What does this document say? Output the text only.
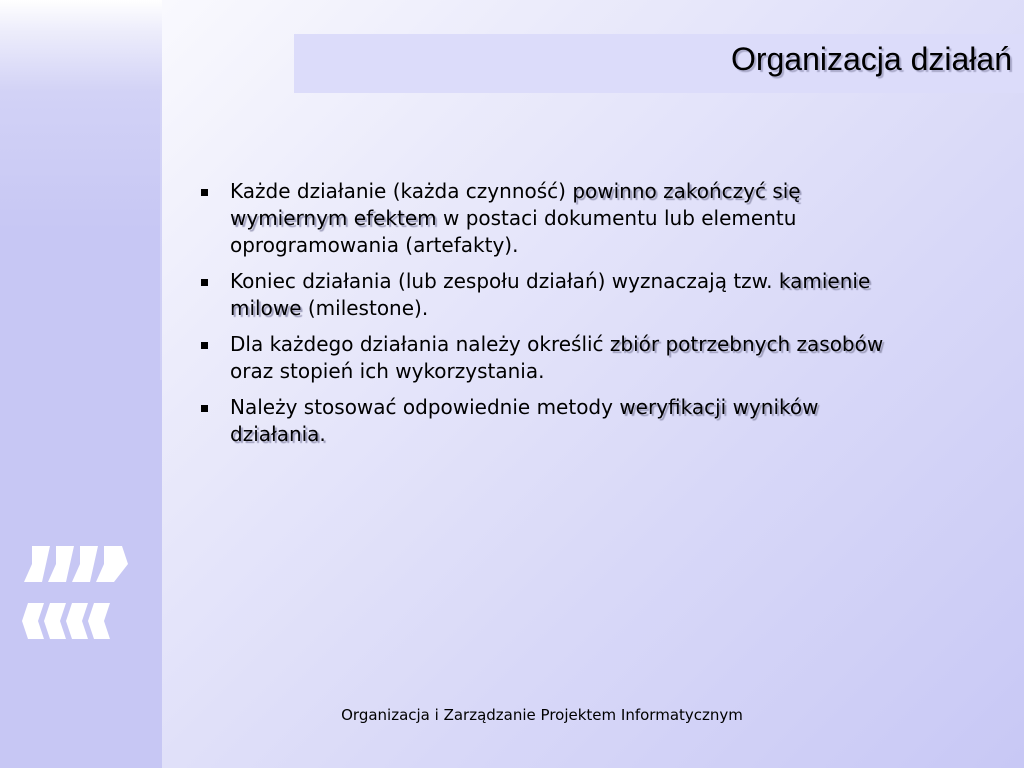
Organizacja działań
Każde działanie (każda czynność) powinno zakończyć się wymiernym efektem w postaci dokumentu lub elementu oprogramowania (artefakty).
Koniec działania (lub zespołu działań) wyznaczają tzw. kamienie milowe (milestone).
Dla każdego działania należy określić zbiór potrzebnych zasobów oraz stopień ich wykorzystania.
Należy stosować odpowiednie metody weryfikacji wyników działania.
Organizacja i Zarządzanie Projektem Informatycznym
